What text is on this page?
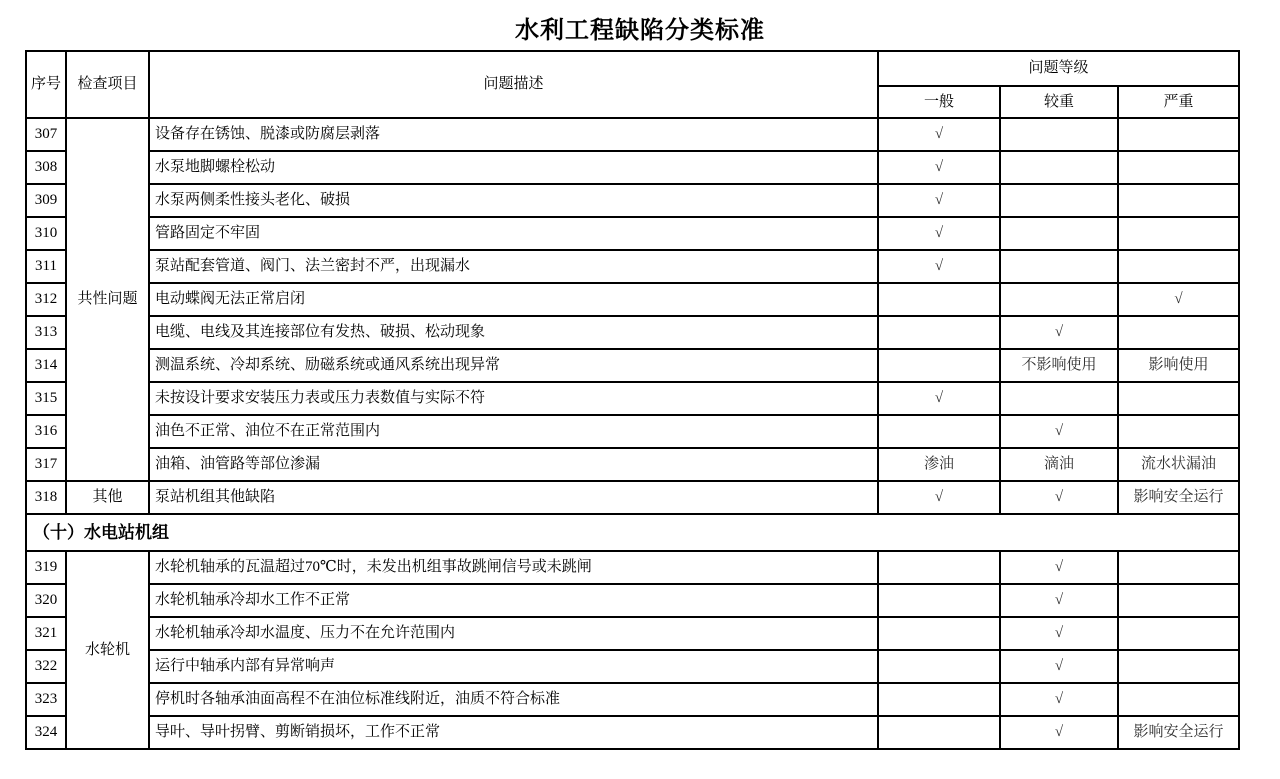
水利工程缺陷分类标准
序号	检查项目	问题描述	问题等级		
			一般	较重	严重
307	共性问题	设备存在锈蚀、脱漆或防腐层剥落	√		
308		水泵地脚螺栓松动	√		
309		水泵两侧柔性接头老化、破损	√		
310		管路固定不牢固	√		
311		泵站配套管道、阀门、法兰密封不严，出现漏水	√		
312		电动蝶阀无法正常启闭			√
313		电缆、电线及其连接部位有发热、破损、松动现象		√	
314		测温系统、冷却系统、励磁系统或通风系统出现异常		不影响使用	影响使用
315		未按设计要求安装压力表或压力表数值与实际不符	√		
316		油色不正常、油位不在正常范围内		√	
317		油箱、油管路等部位渗漏	渗油	滴油	流水状漏油
318	其他	泵站机组其他缺陷	√	√	影响安全运行
（十）水电站机组					
319	水轮机	水轮机轴承的瓦温超过70℃时，未发出机组事故跳闸信号或未跳闸		√	
320		水轮机轴承冷却水工作不正常		√	
321		水轮机轴承冷却水温度、压力不在允许范围内		√	
322		运行中轴承内部有异常响声		√	
323		停机时各轴承油面高程不在油位标准线附近，油质不符合标准		√	
324		导叶、导叶拐臂、剪断销损坏，工作不正常		√	影响安全运行
